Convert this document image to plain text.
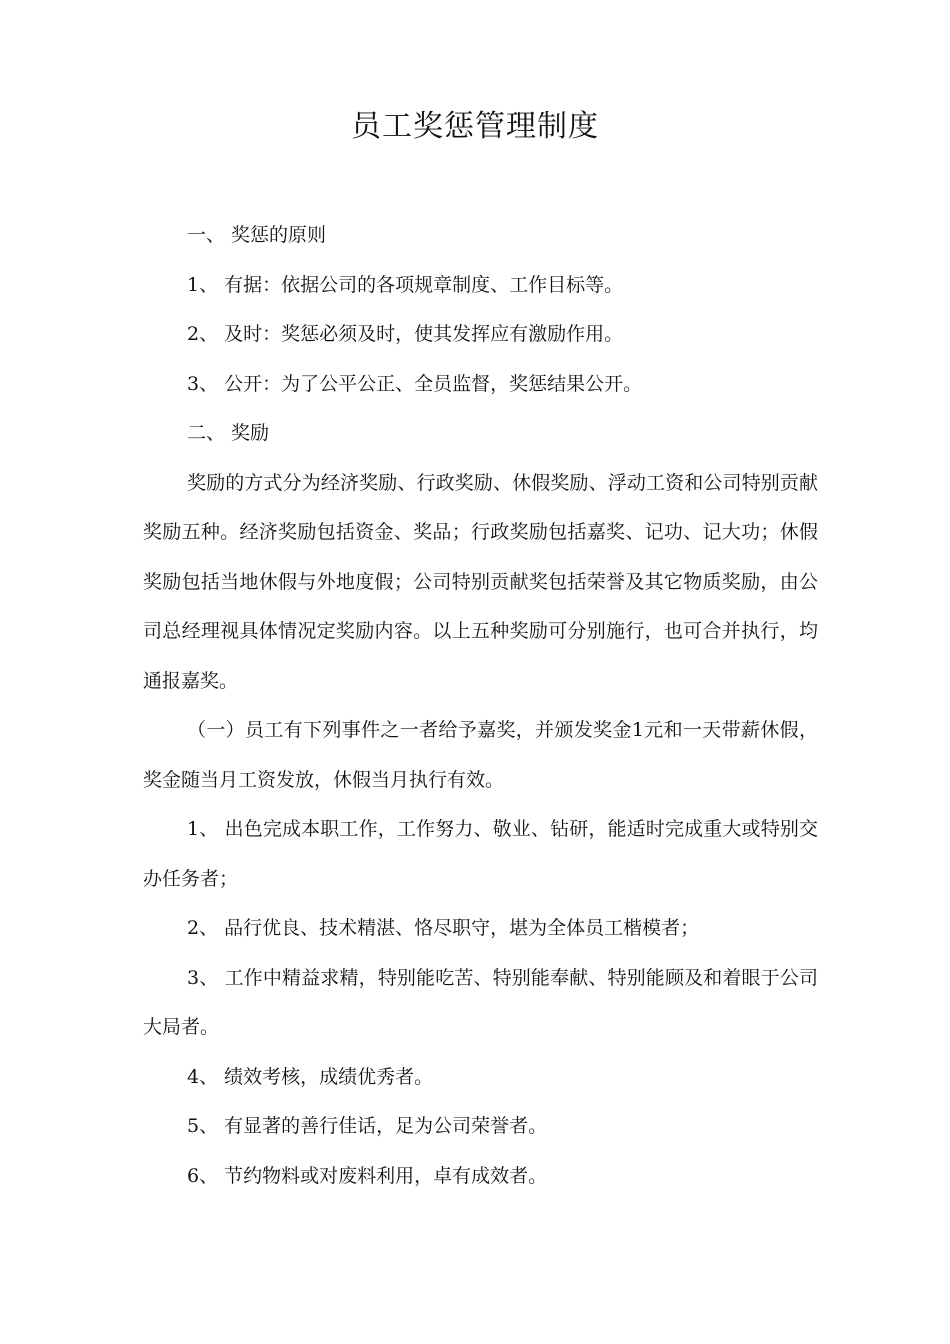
员工奖惩管理制度

一、 奖惩的原则

1、 有据：依据公司的各项规章制度、工作目标等。

2、 及时：奖惩必须及时，使其发挥应有激励作用。

3、 公开：为了公平公正、全员监督，奖惩结果公开。

二、 奖励

奖励的方式分为经济奖励、行政奖励、休假奖励、浮动工资和公司特别贡献奖励五种。经济奖励包括资金、奖品；行政奖励包括嘉奖、记功、记大功；休假奖励包括当地休假与外地度假；公司特别贡献奖包括荣誉及其它物质奖励，由公司总经理视具体情况定奖励内容。以上五种奖励可分别施行，也可合并执行，均通报嘉奖。

（一）员工有下列事件之一者给予嘉奖，并颁发奖金1元和一天带薪休假，奖金随当月工资发放，休假当月执行有效。

1、 出色完成本职工作，工作努力、敬业、钻研，能适时完成重大或特别交办任务者；

2、 品行优良、技术精湛、恪尽职守，堪为全体员工楷模者；

3、 工作中精益求精，特别能吃苦、特别能奉献、特别能顾及和着眼于公司大局者。

4、 绩效考核，成绩优秀者。

5、 有显著的善行佳话，足为公司荣誉者。

6、 节约物料或对废料利用，卓有成效者。
